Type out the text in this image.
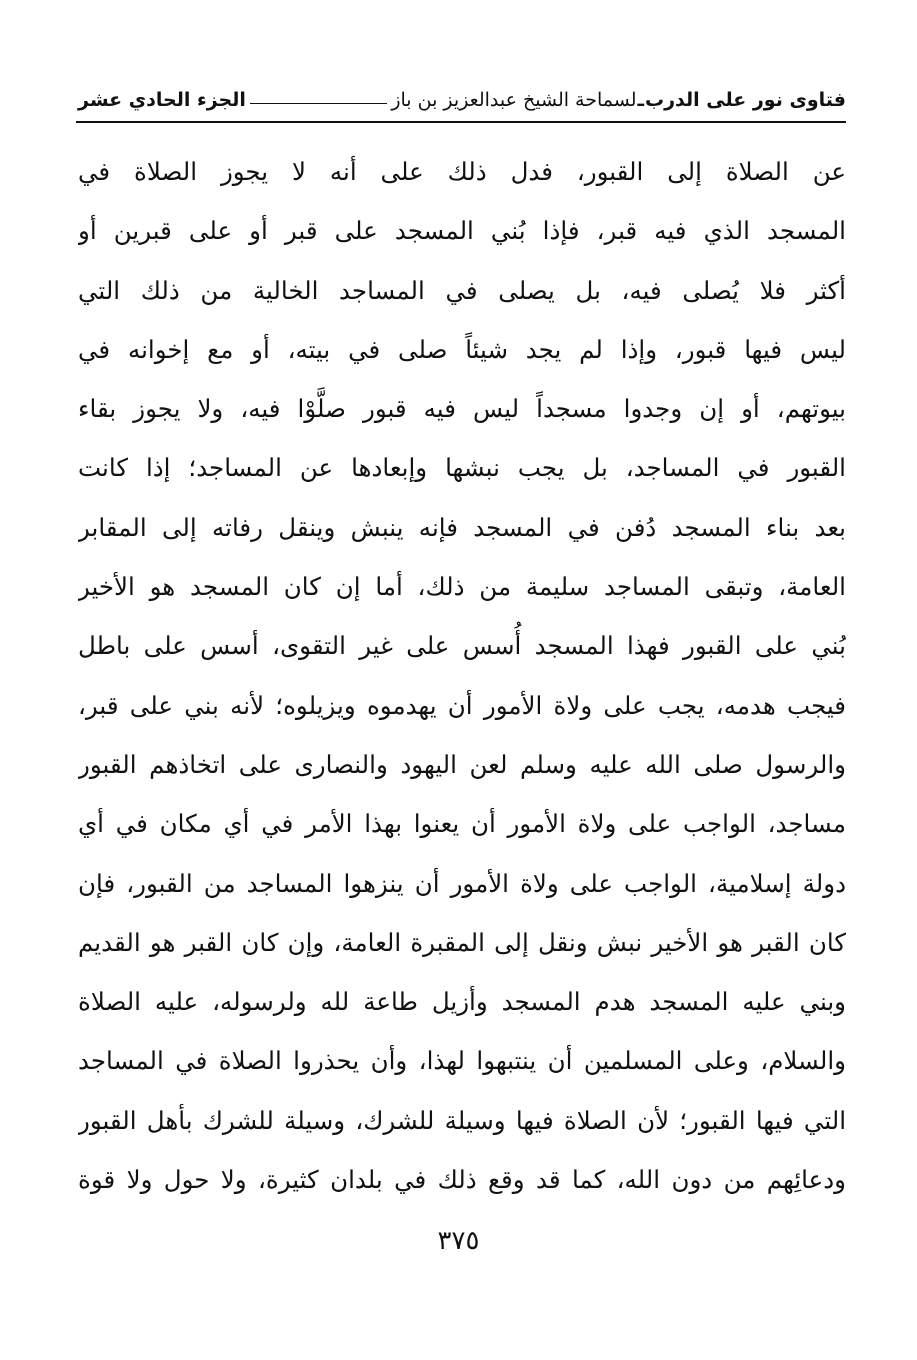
فتاوى نور على الدرب
ـ
لسماحة الشيخ عبدالعزيز بن باز
الجزء الحادي عشر
عن الصلاة إلى القبور، فدل ذلك على أنه لا يجوز الصلاة في
المسجد الذي فيه قبر، فإذا بُني المسجد على قبر أو على قبرين أو
أكثر فلا يُصلى فيه، بل يصلى في المساجد الخالية من ذلك التي
ليس فيها قبور، وإذا لم يجد شيئاً صلى في بيته، أو مع إخوانه في
بيوتهم، أو إن وجدوا مسجداً ليس فيه قبور صلَّوْا فيه، ولا يجوز بقاء
القبور في المساجد، بل يجب نبشها وإبعادها عن المساجد؛ إذا كانت
بعد بناء المسجد دُفن في المسجد فإنه ينبش وينقل رفاته إلى المقابر
العامة، وتبقى المساجد سليمة من ذلك، أما إن كان المسجد هو الأخير
بُني على القبور فهذا المسجد أُسس على غير التقوى، أسس على باطل
فيجب هدمه، يجب على ولاة الأمور أن يهدموه ويزيلوه؛ لأنه بني على قبر،
والرسول صلى الله عليه وسلم لعن اليهود والنصارى على اتخاذهم القبور
مساجد، الواجب على ولاة الأمور أن يعنوا بهذا الأمر في أي مكان في أي
دولة إسلامية، الواجب على ولاة الأمور أن ينزهوا المساجد من القبور، فإن
كان القبر هو الأخير نبش ونقل إلى المقبرة العامة، وإن كان القبر هو القديم
وبني عليه المسجد هدم المسجد وأزيل طاعة لله ولرسوله، عليه الصلاة
والسلام، وعلى المسلمين أن ينتبهوا لهذا، وأن يحذروا الصلاة في المساجد
التي فيها القبور؛ لأن الصلاة فيها وسيلة للشرك، وسيلة للشرك بأهل القبور
ودعائِهم من دون الله، كما قد وقع ذلك في بلدان كثيرة، ولا حول ولا قوة
٣٧٥
